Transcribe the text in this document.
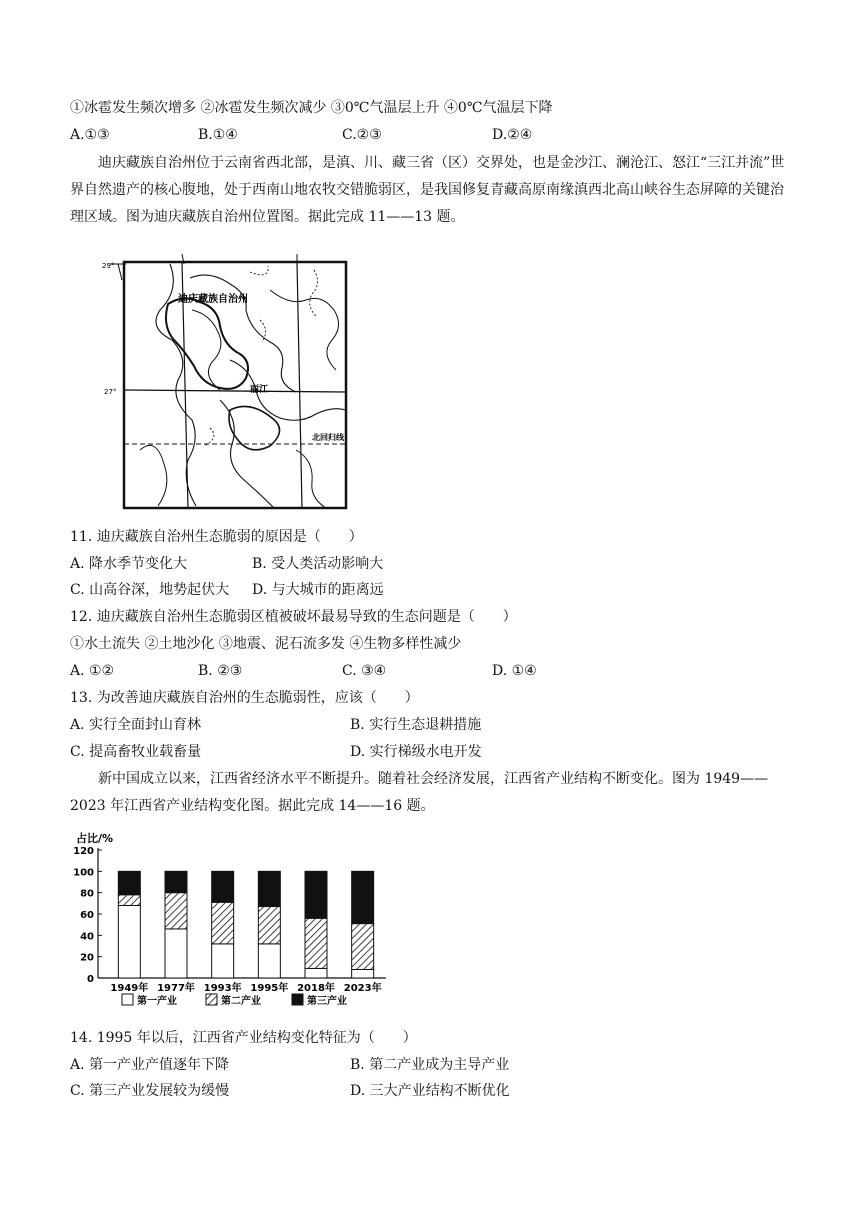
①冰雹发生频次增多 ②冰雹发生频次减少 ③0℃气温层上升 ④0℃气温层下降
A.①③	B.①④	C.②③	D.②④
迪庆藏族自治州位于云南省西北部，是滇、川、藏三省（区）交界处，也是金沙江、澜沧江、怒江“三江并流”世界自然遗产的核心腹地，处于西南山地农牧交错脆弱区，是我国修复青藏高原南缘滇西北高山峡谷生态屏障的关键治理区域。图为迪庆藏族自治州位置图。据此完成 11——13 题。
迪庆藏族自治州
丽江
北回归线
29°
27°
11. 迪庆藏族自治州生态脆弱的原因是（　　）
A. 降水季节变化大	B. 受人类活动影响大
C. 山高谷深，地势起伏大 D. 与大城市的距离远
12. 迪庆藏族自治州生态脆弱区植被破坏最易导致的生态问题是（　　）
①水土流失 ②土地沙化 ③地震、泥石流多发 ④生物多样性减少
A. ①②	B. ②③	C. ③④	D. ①④
13. 为改善迪庆藏族自治州的生态脆弱性，应该（　　）
A. 实行全面封山育林	B. 实行生态退耕措施
C. 提高畜牧业载畜量	D. 实行梯级水电开发
新中国成立以来，江西省经济水平不断提升。随着社会经济发展，江西省产业结构不断变化。图为 1949——2023 年江西省产业结构变化图。据此完成 14——16 题。
占比/%
0
20
40
60
80
100
120
1949年 1977年 1993年 1995年 2018年 2023年
第一产业	第二产业	第三产业
14. 1995 年以后，江西省产业结构变化特征为（　　）
A. 第一产业产值逐年下降	B. 第二产业成为主导产业
C. 第三产业发展较为缓慢	D. 三大产业结构不断优化
